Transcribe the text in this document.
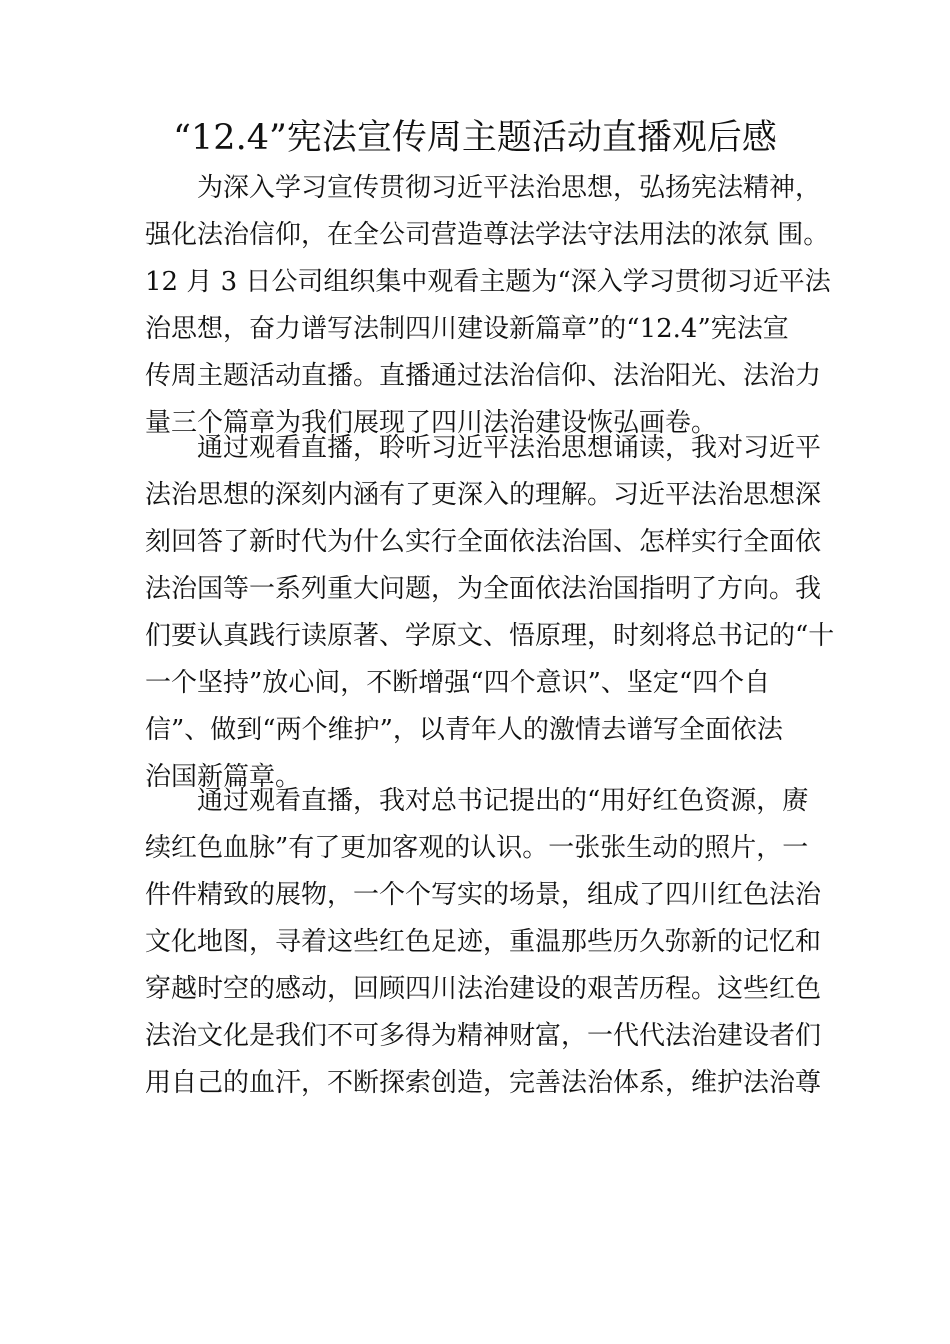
“12.4”宪法宣传周主题活动直播观后感
为深入学习宣传贯彻习近平法治思想，弘扬宪法精神，
强化法治信仰，在全公司营造尊法学法守法用法的浓氛 围。
12 月 3 日公司组织集中观看主题为“深入学习贯彻习近平法
治思想，奋力谱写法制四川建设新篇章”的“12.4”宪法宣
传周主题活动直播。直播通过法治信仰、法治阳光、法治力
量三个篇章为我们展现了四川法治建设恢弘画卷。
通过观看直播，聆听习近平法治思想诵读，我对习近平
法治思想的深刻内涵有了更深入的理解。习近平法治思想深
刻回答了新时代为什么实行全面依法治国、怎样实行全面依
法治国等一系列重大问题，为全面依法治国指明了方向。我
们要认真践行读原著、学原文、悟原理，时刻将总书记的“十
一个坚持”放心间，不断增强“四个意识”、坚定“四个自
信”、做到“两个维护”，以青年人的激情去谱写全面依法
治国新篇章。
通过观看直播，我对总书记提出的“用好红色资源，赓
续红色血脉”有了更加客观的认识。一张张生动的照片，一
件件精致的展物，一个个写实的场景，组成了四川红色法治
文化地图，寻着这些红色足迹，重温那些历久弥新的记忆和
穿越时空的感动，回顾四川法治建设的艰苦历程。这些红色
法治文化是我们不可多得为精神财富，一代代法治建设者们
用自己的血汗，不断探索创造，完善法治体系，维护法治尊
